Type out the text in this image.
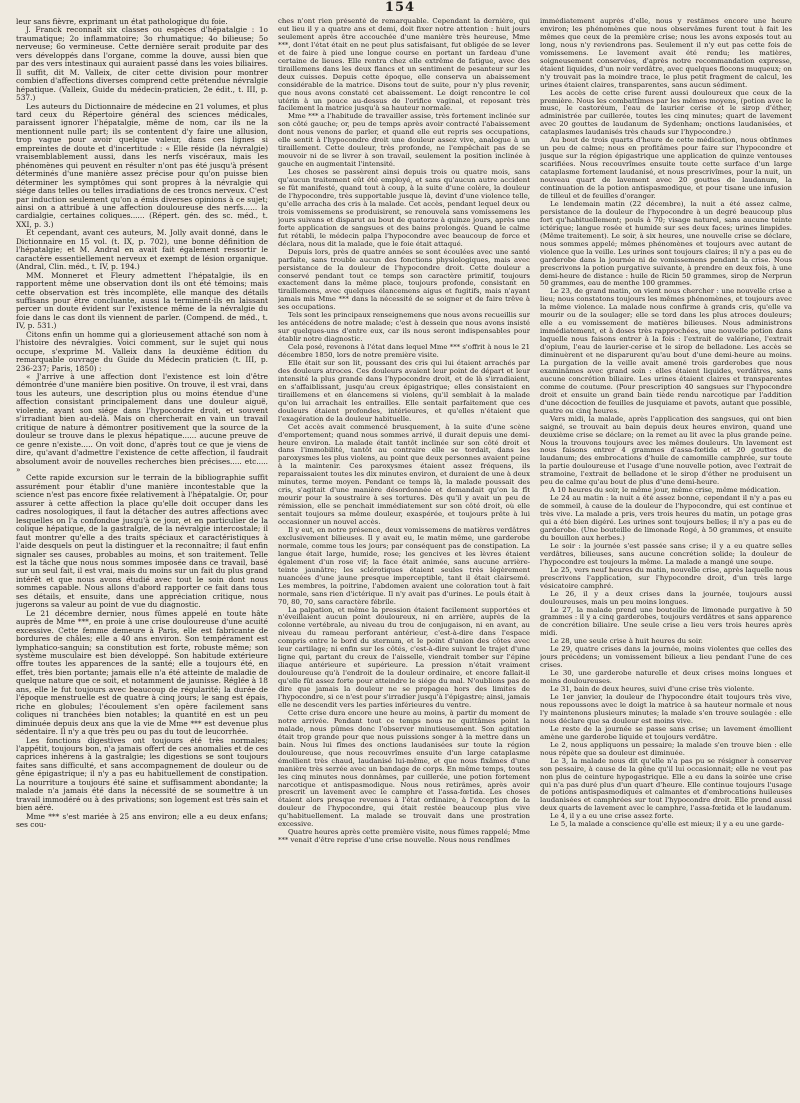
154

leur sans fièvre, exprimant un état pathologique du foie.

J. Franck reconnaît six classes ou espèces d'hépatalgie : 1o traumatique; 2o inflammatoire; 3o rhumatique; 4o bilieuse; 5o nerveuse; 6o vermineuse. Cette dernière serait produite par des vers développés dans l'organe, comme la douve, aussi bien que par des vers intestinaux qui auraient passé dans les voies biliaires. Il suffit, dit M. Valleix, de citer cette division pour montrer combien d'affections diverses comprend cette prétendue névralgie hépatique. (Valleix, Guide du médecin-praticien, 2e édit., t. III, p. 537.)

Les auteurs du Dictionnaire de médecine en 21 volumes, et plus tard ceux du Répertoire général des sciences médicales, paraissent ignorer l'hépatalgie, même de nom, car ils ne la mentionnent nulle part; ils se contentent d'y faire une allusion, trop vague pour avoir quelque valeur, dans ces lignes si empreintes de doute et d'incertitude : « Elle réside (la névralgie) vraisemblablement aussi, dans les nerfs viscéraux, mais les phénomènes qui peuvent en résulter n'ont pas été jusqu'à présent déterminés d'une manière assez précise pour qu'on puisse bien déterminer les symptômes qui sont propres à la névralgie qui siége dans telles ou telles irradiations de ces troncs nerveux. C'est par induction seulement qu'on a émis diverses opinions à ce sujet; ainsi on a attribué à une affection douloureuse des nerfs...... la cardialgie, certaines coliques...... (Répert. gén. des sc. méd., t. XXI, p. 3.)

Et cependant, avant ces auteurs, M. Jolly avait donné, dans le Dictionnaire en 15 vol. (t. IX, p. 702), une bonne définition de l'hépatalgie; et M. Andral en avait fait également ressortir le caractère essentiellement nerveux et exempt de lésion organique. (Andral, Clin. méd., t. IV, p. 194.)

MM. Monneret et Fleury admettent l'hépatalgie, ils en rapportent même une observation dont ils ont été témoins; mais cette observation est très incomplète, elle manque des détails suffisans pour être concluante, aussi la terminent-ils en laissant percer un doute évident sur l'existence même de la névralgie du foie dans le cas dont ils viennent de parler. (Compend. de méd., t. IV, p. 531.)

Citons enfin un homme qui a glorieusement attaché son nom à l'histoire des névralgies. Voici comment, sur le sujet qui nous occupe, s'exprime M. Valleix dans la deuxième édition du remarquable ouvrage du Guide du Médecin praticien (t. III, p. 236-237; Paris, 1850) :

« J'arrive à une affection dont l'existence est loin d'être démontrée d'une manière bien positive. On trouve, il est vrai, dans tous les auteurs, une description plus ou moins étendue d'une affection consistant principalement dans une douleur aiguë, violente, ayant son siége dans l'hypocondre droit, et souvent s'irradiant bien au-delà. Mais on chercherait en vain un travail critique de nature à démontrer positivement que la source de la douleur se trouve dans le plexus hépatique...... aucune preuve de ce genre n'existe..... On voit donc, d'après tout ce que je viens de dire, qu'avant d'admettre l'existence de cette affection, il faudrait absolument avoir de nouvelles recherches bien précises..... etc..... »

Cette rapide excursion sur le terrain de la bibliographie suffit assurément pour établir d'une manière incontestable que la science n'est pas encore fixée relativement à l'hépatalgie. Or, pour assurer à cette affection la place qu'elle doit occuper dans les cadres nosologiques, il faut la détacher des autres affections avec lesquelles on l'a confondue jusqu'à ce jour, et en particulier de la colique hépatique, de la gastralgie, de la névralgie intercostale; il faut montrer qu'elle a des traits spéciaux et caractéristiques à l'aide desquels on peut la distinguer et la reconnaître; il faut enfin signaler ses causes, probables au moins, et son traitement. Telle est la tâche que nous nous sommes imposée dans ce travail, basé sur un seul fait, il est vrai, mais du moins sur un fait du plus grand intérêt et que nous avons étudié avec tout le soin dont nous sommes capable. Nous allons d'abord rapporter ce fait dans tous ses détails, et ensuite, dans une appréciation critique, nous jugerons sa valeur au point de vue du diagnostic.

Le 21 décembre dernier, nous fûmes appelé en toute hâte auprès de Mme ***, en proie à une crise douloureuse d'une acuité excessive. Cette femme demeure à Paris, elle est fabricante de bordures de châles; elle a 40 ans environ. Son tempérament est lymphatico-sanguin; sa constitution est forte, robuste même; son système musculaire est bien développé. Son habitude extérieure offre toutes les apparences de la santé; elle a toujours été, en effet, très bien portante; jamais elle n'a été atteinte de maladie de quelque nature que ce soit, et notamment de jaunisse. Réglée à 18 ans, elle le fut toujours avec beaucoup de régularité; la durée de l'époque menstruelle est de quatre à cinq jours; le sang est épais, riche en globules; l'écoulement s'en opère facilement sans coliques ni tranchées bien notables; la quantité en est un peu diminuée depuis deux ans que la vie de Mme *** est devenue plus sédentaire. Il n'y a que très peu ou pas du tout de leucorrhée.

Les fonctions digestives ont toujours été très normales; l'appétit, toujours bon, n'a jamais offert de ces anomalies et de ces caprices inhérens à la gastralgie; les digestions se sont toujours faites sans difficulté, et sans accompagnement de douleur ou de gêne épigastrique; il n'y a pas eu habituellement de constipation. La nourriture a toujours été saine et suffisamment abondante; la malade n'a jamais été dans la nécessité de se soumettre à un travail immodéré ou à des privations; son logement est très sain et bien aéré.

Mme *** s'est mariée à 25 ans environ; elle a eu deux enfans; ses cou-

ches n'ont rien présenté de remarquable. Cependant la dernière, qui eut lieu il y a quatre ans et demi, doit fixer notre attention : huit jours seulement après être accouchée d'une manière très heureuse, Mme ***, dont l'état était en ne peut plus satisfaisant, fut obligée de se lever et de faire à pied une longue course en portant un fardeau d'une certaine de lieues. Elle rentra chez elle extrême de fatigue, avec des tiraillemens dans les deux flancs et un sentiment de pesanteur sur les deux cuisses. Depuis cette époque, elle conserva un abaissement considérable de la matrice. Disons tout de suite, pour n'y plus revenir, que nous avons constaté cet abaissement. Le doigt rencontre le col utérin à un pouce au-dessus de l'orifice vaginal, et reposant très facilement la matrice jusqu'à sa hauteur normale.

Mme *** a l'habitude de travailler assise, très fortement inclinée sur son côté gauche; or, peu de temps après avoir contracté l'abaissement dont nous venons de parler, et quand elle eut repris ses occupations, elle sentit à l'hypocondre droit une douleur assez vive, analogue à un tiraillement. Cette douleur, très profonde, ne l'empêchait pas de se mouvoir ni de se livrer à son travail, seulement la position inclinée à gauche en augmentait l'intensité.

Les choses se passèrent ainsi depuis trois ou quatre mois, sans qu'aucun traitement eût été employé, et sans qu'aucun autre accident se fût manifesté, quand tout à coup, à la suite d'une colère, la douleur de l'hypocondre, très supportable jusque là, devint d'une violence telle, qu'elle arracha des cris à la malade. Cet accès, pendant lequel deux ou trois vomissemens se produisirent, se renouvela sans vomissemens les jours suivans et disparut au bout de quatorze à quinze jours, après une forte application de sangsues et des bains prolongés. Quand le calme fut rétabli, le médecin palpa l'hypocondre avec beaucoup de force et déclara, nous dit la malade, que le foie était attaqué.

Depuis lors, près de quatre années se sont écoulées avec une santé parfaite, sans trouble aucun des fonctions physiologiques, mais avec persistance de la douleur de l'hypocondre droit. Cette douleur a conservé pendant tout ce temps son caractère primitif, toujours exactement dans la même place, toujours profonde, consistant en tiraillemens, avec quelques élancemens aigus et fugitifs, mais n'ayant jamais mis Mme *** dans la nécessité de se soigner et de faire trêve à ses occupations.

Tels sont les principaux renseignemens que nous avons recueillis sur les antécédens de notre malade; c'est à dessein que nous avons insisté sur quelques-uns d'entre eux, car ils nous seront indispensables pour établir notre diagnostic.

Cela posé, revenons à l'état dans lequel Mme *** s'offrit à nous le 21 décembre 1850, lors de notre première visite.

Elle était sur son lit, poussant des cris qui lui étaient arrachés par des douleurs atroces. Ces douleurs avaient leur point de départ et leur intensité la plus grande dans l'hypocondre droit, et de là s'irradiaient, en s'affaiblissant, jusqu'au creux épigastrique; elles consistaient en tiraillemens et en élancemens si violens, qu'il semblait à la malade qu'on lui arrachait les entrailles. Elle sentait parfaitement que ces douleurs étaient profondes, intérieures, et qu'elles n'étaient que l'exagération de la douleur habituelle.

Cet accès avait commencé brusquement, à la suite d'une scène d'emportement; quand nous sommes arrivé, il durait depuis une demi-heure environ. La malade était tantôt inclinée sur son côté droit et dans l'immobilité, tantôt au contraire elle se tordait, dans les paroxysmes les plus violens, au point que deux personnes avaient peine à la maintenir. Ces paroxysmes étaient assez fréquens, ils reparaissaient toutes les dix minutes environ, et duraient de une à deux minutes, terme moyen. Pendant ce temps là, la malade poussait des cris, s'agitait d'une manière désordonnée et demandait qu'on la fît mourir pour la soustraire à ses tortures. Dès qu'il y avait un peu de rémission, elle se penchait immédiatement sur son côté droit, où elle sentait toujours sa même douleur, exaspérée, et toujours prête à lui occasionner un nouvel accès.

Il y eut, en notre présence, deux vomissemens de matières verdâtres exclusivement bilieuses. Il y avait eu, le matin même, une garderobe normale, comme tous les jours; par conséquent pas de constipation. La langue était large, humide, rose; les gencives et les lèvres étaient également d'un rose vif; la face était animée, sans aucune arrière-teinte jaunâtre; les sclérotiques étaient seules très légèrement nuancées d'une jaune presque imperceptible, tant il était clairsemé. Les membres, la poitrine, l'abdomen avaient une coloration tout à fait normale, sans rien d'ictérique. Il n'y avait pas d'urines. Le pouls était à 70, 80, 70, sans caractère fébrile.

La palpation, et même la pression étaient facilement supportées et n'éveillaient aucun point douloureux, ni en arrière, auprès de la colonne vertébrale, au niveau du trou de conjugaison, ni en avant, au niveau du rameau perforant antérieur, c'est-à-dire dans l'espace compris entre le bord du sternum, et le point d'union des côtes avec leur cartilage; ni enfin sur les côtés, c'est-à-dire suivant le trajet d'une ligne qui, partant du creux de l'aisselle, viendrait tomber sur l'épine iliaque antérieure et supérieure. La pression n'était vraiment douloureuse qu'à l'endroit de la douleur ordinaire, et encore fallait-il qu'elle fût assez forte pour atteindre le siége du mal. N'oublions pas de dire que jamais la douleur ne se propagea hors des limites de l'hypocondre, si ce n'est pour s'irradier jusqu'à l'épigastre; ainsi, jamais elle ne descendit vers les parties inférieures du ventre.

Cette crise dura encore une heure au moins, à partir du moment de notre arrivée. Pendant tout ce temps nous ne quittâmes point la malade, nous pûmes donc l'observer minutieusement. Son agitation était trop grande pour que nous puissions songer à la mettre dans un bain. Nous lui fîmes des onctions laudanisées sur toute la région douloureuse, que nous recouvrîmes ensuite d'un large cataplasme émollient très chaud, laudanisé lui-même, et que nous fixâmes d'une manière très serrée avec un bandage de corps. En même temps, toutes les cinq minutes nous donnâmes, par cuillerée, une potion fortement narcotique et antispasmodique. Nous nous retirâmes, après avoir prescrit un lavement avec le camphre et l'assa-fœtida. Les choses étaient alors presque revenues à l'état ordinaire, à l'exception de la douleur de l'hypocondre, qui était restée beaucoup plus vive qu'habituellement. La malade se trouvait dans une prostration excessive.

Quatre heures après cette première visite, nous fûmes rappelé; Mme *** venait d'être reprise d'une crise nouvelle. Nous nous rendîmes

immédiatement auprès d'elle, nous y restâmes encore une heure environ; les phénomènes que nous observâmes furent tout à fait les mêmes que ceux de la première crise; nous les avons exposés tout au long, nous n'y reviendrons pas. Seulement il n'y eut pas cette fois de vomissemens. Le lavement avait été rendu; les matières, soigneusement conservées, d'après notre recommandation expresse, étaient liquides, d'un noir verdâtre, avec quelques flocons muqueux; on n'y trouvait pas la moindre trace, le plus petit fragment de calcul, les urines étaient claires, transparentes, sans aucun sédiment.

Les accès de cette crise furent aussi douloureux que ceux de la première. Nous les combattîmes par les mêmes moyens, (potion avec le musc, le castoréum, l'eau de laurier cerise et le sirop d'éther, administrée par cuillerée, toutes les cinq minutes; quart de lavement avec 20 gouttes de laudanum de Sydenham; onctions laudanisées, et cataplasmes laudanisés très chauds sur l'hypocondre.)

Au bout de trois quarts d'heure de cette médication, nous obtînmes un peu de calme; nous en profitâmes pour faire sur l'hypocondre et jusque sur la région épigastrique une application de quinze ventouses scarifiées. Nous recouvrîmes ensuite toute cette surface d'un large cataplasme fortement laudanisé, et nous prescrivîmes, pour la nuit, un nouveau quart de lavement avec 20 gouttes de laudanum, la continuation de la potion antispasmodique, et pour tisane une infusion de tilleul et de feuilles d'oranger.

Le lendemain matin (22 décembre), la nuit a été assez calme, persistance de la douleur de l'hypocondre à un degré beaucoup plus fort qu'habituellement; pouls à 70; visage naturel, sans aucune teinte ictérique; langue rosée et humide sur ses deux faces; urines limpides. (Même traitement). Le soir, à six heures, une nouvelle crise se déclare, nous sommes appelé; mêmes phénomènes et toujours avec autant de violence que la veille. Les urines sont toujours claires; il n'y a pas eu de garderobe dans la journée ni de vomissemens pendant la crise. Nous prescrivons la potion purgative suivante, à prendre en deux fois, à une demi-heure de distance : huile de Ricin 50 grammes, sirop de Nerprun 50 grammes, eau de menthe 100 grammes.

Le 23, de grand matin, on vient nous chercher : une nouvelle crise a lieu; nous constatons toujours les mêmes phénomènes, et toujours avec la même violence. La malade nous confirme à grands cris, qu'elle va mourir ou de la soulager; elle se tord dans les plus atroces douleurs; elle a eu vomissement de matières bilieuses. Nous administrons immédiatement, et à doses très rapprochées, une nouvelle potion dans laquelle nous faisons entrer à la fois : l'extrait de valériane, l'extrait d'opium, l'eau de laurier-cerise et le sirop de belladone. Les accès se diminuèrent et ne disparurent qu'au bout d'une demi-heure au moins. La purgation de la veille avait amené trois garderobes que nous examinâmes avec grand soin : elles étaient liquides, verdâtres, sans aucune concrétion biliaire. Les urines étaient claires et transparentes comme de coutume. (Pour prescription 40 sangsues sur l'hypocondre droit et ensuite un grand bain tiède rendu narcotique par l'addition d'une décoction de feuilles de jusquiame et pavots, autant que possible, quatre ou cinq heures.

Vers midi, la malade, après l'application des sangsues, qui ont bien saigné, se trouvait au bain depuis deux heures environ, quand une deuxième crise se déclare; on la remet au lit avec la plus grande peine. Nous la trouvons toujours avec les mêmes douleurs. Un lavement est nous faisons entrer 4 grammes d'assa-fœtida et 20 gouttes de laudanum; des embrocations d'huile de camomille camphrée, sur toute la partie douloureuse et l'usage d'une nouvelle potion, avec l'extrait de stramoine, l'extrait de belladone et le sirop d'éther ne produisent un peu de calme qu'au bout de plus d'une demi-heure.

A 10 heures du soir, le même jour, même crise, même médication.

Le 24 au matin : la nuit a été assez bonne, cependant il n'y a pas eu de sommeil, à cause de la douleur de l'hypocondre, qui est continue et très vive. La malade a pris, vers trois heures du matin, un potage gras qui a été bien digéré. Les urines sont toujours belles; il n'y a pas eu de garderobe. (Une bouteille de limonade Rogé, à 50 grammes, et ensuite du bouillon aux herbes.)

Le soir : la journée s'est passée sans crise; il y a eu quatre selles verdâtres, bilieuses, sans aucune concrétion solide; la douleur de l'hypocondre est toujours la même. La malade a mangé une soupe.

Le 25, vers neuf heures du matin, nouvelle crise, après laquelle nous prescrivons l'application, sur l'hypocondre droit, d'un très large vésicatoire camphré.

Le 26, il y a deux crises dans la journée, toujours aussi douloureuses, mais un peu moins longues.

Le 27, la malade prend une bouteille de limonade purgative à 50 grammes : il y a cinq garderobes, toujours verdâtres et sans apparence de concrétion biliaire. Une seule crise a lieu vers trois heures après midi.

Le 28, une seule crise à huit heures du soir.

Le 29, quatre crises dans la journée, moins violentes que celles des jours précédens; un vomissement bilieux a lieu pendant l'une de ces crises.

Le 30, une garderobe naturelle et deux crises moins longues et moins douloureuses.

Le 31, bain de deux heures, suivi d'une crise très violente.

Le 1er janvier, la douleur de l'hypocondre était toujours très vive, nous repoussons avec le doigt la matrice à sa hauteur normale et nous l'y maintenons plusieurs minutes; la malade s'en trouve soulagée : elle nous déclare que sa douleur est moins vive.

Le reste de la journée se passe sans crise; un lavement émollient amène une garderobe liquide et toujours verdâtre.

Le 2, nous appliquons un pessaire; la malade s'en trouve bien : elle nous répète que sa douleur est diminuée.

Le 3, la malade nous dit qu'elle n'a pas pu se résigner à conserver son pessaire, à cause de la gêne qu'il lui occasionnait; elle ne veut pas non plus de ceinture hypogastrique. Elle a eu dans la soirée une crise qui n'a pas duré plus d'un quart d'heure. Elle continue toujours l'usage de potions antispasmodiques et calmantes et d'embrocations huileuses laudanisées et camphrées sur tout l'hypocondre droit. Elle prend aussi deux quarts de lavement avec le camphre, l'assa-fœtida et le laudanum.

Le 4, il y a eu une crise assez forte.

Le 5, la malade a conscience qu'elle est mieux; il y a eu une garde-
